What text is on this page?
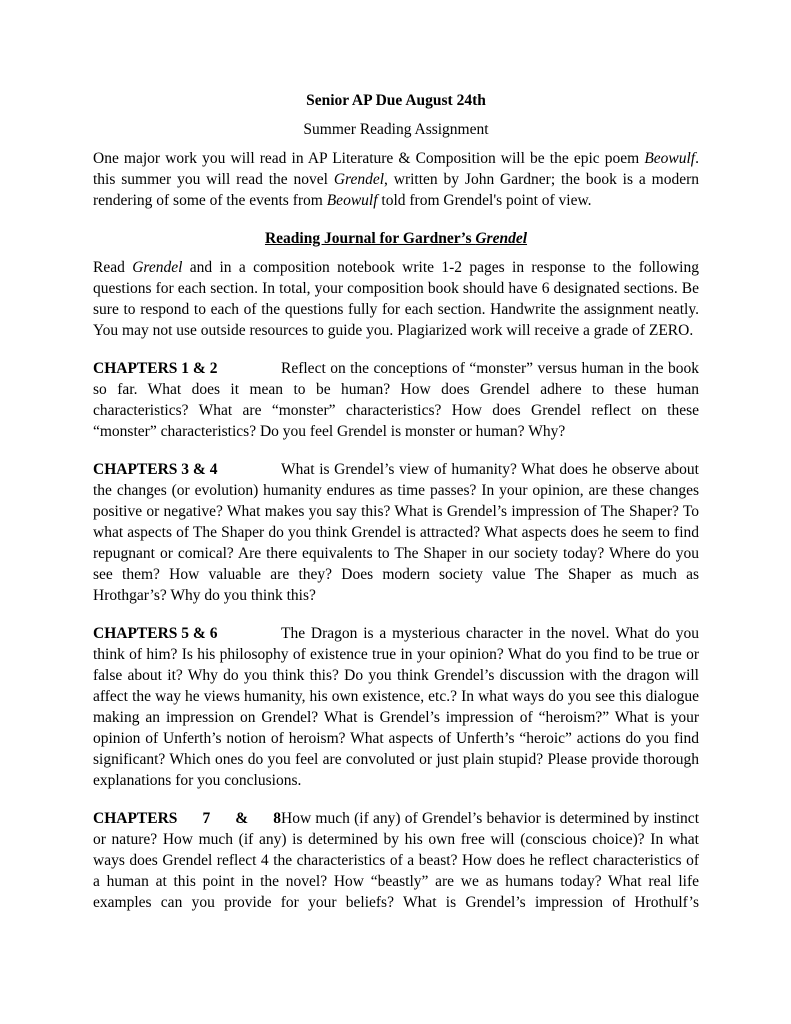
Senior AP Due August 24th

Summer Reading Assignment

One major work you will read in AP Literature & Composition will be the epic poem Beowulf. this summer you will read the novel Grendel, written by John Gardner; the book is a modern rendering of some of the events from Beowulf told from Grendel's point of view.

Reading Journal for Gardner’s Grendel

Read Grendel and in a composition notebook write 1-2 pages in response to the following questions for each section. In total, your composition book should have 6 designated sections. Be sure to respond to each of the questions fully for each section. Handwrite the assignment neatly. You may not use outside resources to guide you. Plagiarized work will receive a grade of ZERO.

CHAPTERS 1 & 2	Reflect on the conceptions of “monster” versus human in the book so far. What does it mean to be human? How does Grendel adhere to these human characteristics? What are “monster” characteristics? How does Grendel reflect on these “monster” characteristics? Do you feel Grendel is monster or human? Why?

CHAPTERS 3 & 4	What is Grendel’s view of humanity? What does he observe about the changes (or evolution) humanity endures as time passes? In your opinion, are these changes positive or negative? What makes you say this? What is Grendel’s impression of The Shaper? To what aspects of The Shaper do you think Grendel is attracted? What aspects does he seem to find repugnant or comical? Are there equivalents to The Shaper in our society today? Where do you see them? How valuable are they? Does modern society value The Shaper as much as Hrothgar’s? Why do you think this?

CHAPTERS 5 & 6	The Dragon is a mysterious character in the novel. What do you think of him? Is his philosophy of existence true in your opinion? What do you find to be true or false about it? Why do you think this? Do you think Grendel’s discussion with the dragon will affect the way he views humanity, his own existence, etc.? In what ways do you see this dialogue making an impression on Grendel? What is Grendel’s impression of “heroism?” What is your opinion of Unferth’s notion of heroism? What aspects of Unferth’s “heroic” actions do you find significant? Which ones do you feel are convoluted or just plain stupid? Please provide thorough explanations for you conclusions.

CHAPTERS 7 & 8How much (if any) of Grendel’s behavior is determined by instinct or nature? How much (if any) is determined by his own free will (conscious choice)? In what ways does Grendel reflect 4 the characteristics of a beast? How does he reflect characteristics of a human at this point in the novel? How “beastly” are we as humans today? What real life examples can you provide for your beliefs? What is Grendel’s impression of Hrothulf’s
